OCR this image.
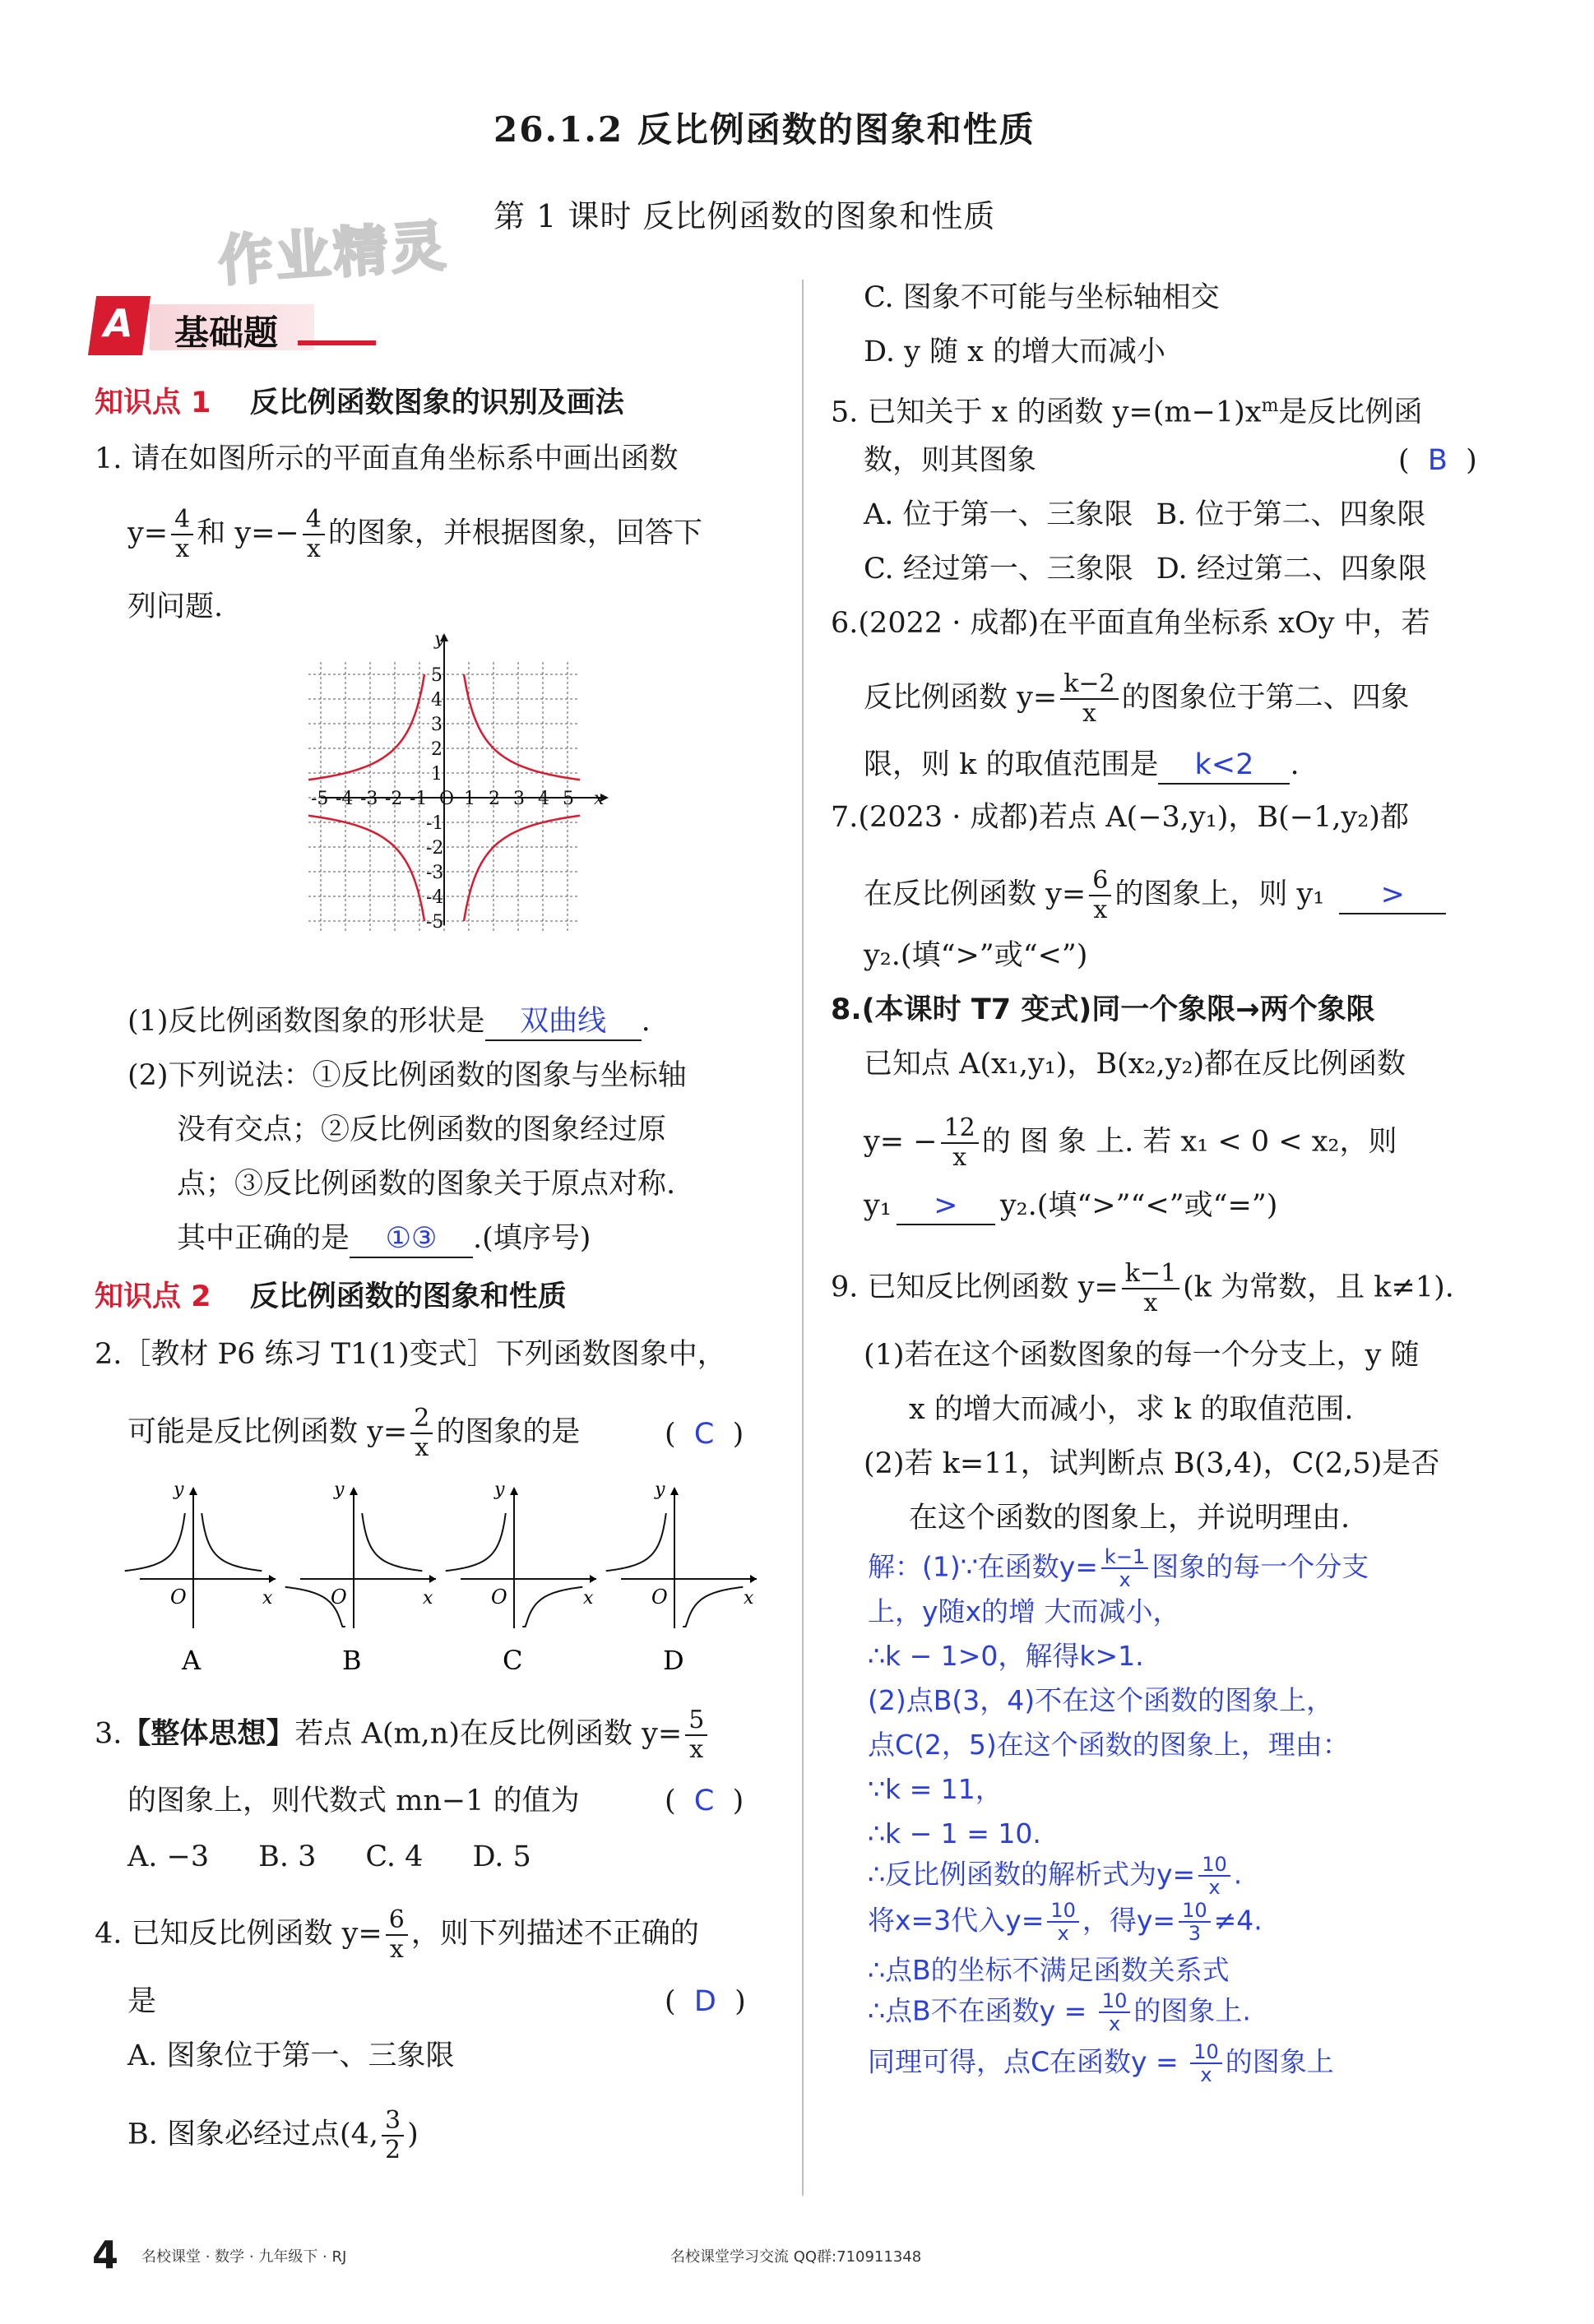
26.1.2 反比例函数的图象和性质
第 1 课时 反比例函数的图象和性质
作业精灵
A 基础题
知识点 1 反比例函数图象的识别及画法
1. 请在如图所示的平面直角坐标系中画出函数
$y= \frac{4}{x}$ 和 $y=- \frac{4}{x}$ 的图象，并根据图象，回答下
列问题.
-5 -4 -3 -2 -1 O 1 2 3 4 5
5
4
3
2
1
-1
-2
-3
-4
-5
x
y
(1)反比例函数图象的形状是 双曲线 .
(2)下列说法：①反比例函数的图象与坐标轴
没有交点；②反比例函数的图象经过原
点；③反比例函数的图象关于原点对称.
其中正确的是 ①③ .(填序号)
知识点 2 反比例函数的图象和性质
2.［教材 P6 练习 T1(1)变式］下列函数图象中，
可能是反比例函数 $y= \frac{2}{x}$ 的图象的是	(  C  )
O	x
y
A
O	x
y
B
O	x
y
C
O	x
y
D
3.【整体思想】若点 A(m,n)在反比例函数 $y= \frac{5}{x}$
的图象上，则代数式 mn−1 的值为	(  C  )
A. −3 B. 3 C. 4 D. 5
4. 已知反比例函数 $y= \frac{6}{x}$ ，则下列描述不正确的
是	(  D  )
A. 图象位于第一、三象限
B. 图象必经过点(4, $\frac{3}{2}$ )
C. 图象不可能与坐标轴相交
D. y 随 x 的增大而减小
5. 已知关于 x 的函数 $y=(m-1)x^m$是反比例函
数，则其图象	(  B  )
A. 位于第一、三象限 B. 位于第二、四象限
C. 经过第一、三象限 D. 经过第二、四象限
6.(2022 · 成都)在平面直角坐标系 xOy 中，若
反比例函数 $y= \frac{k-2}{x}$ 的图象位于第二、四象
限，则 k 的取值范围是 k<2 .
7.(2023 · 成都)若点 A(−3,y₁)，B(−1,y₂)都
在反比例函数 $y= \frac{6}{x}$ 的图象上，则 y₁ >
y₂.(填“>”或“<”)
8.(本课时 T7 变式)同一个象限→两个象限
已知点 A(x₁,y₁)，B(x₂,y₂)都在反比例函数
$y= - \frac{12}{x}$ 的 图 象 上. 若 x₁ < 0 < x₂，则
y₁ > y₂.(填“>”“<”或“=”)
9. 已知反比例函数 $y= \frac{k-1}{x} (k$ 为常数，且 k≠1).
(1)若在这个函数图象的每一个分支上，y 随
x 的增大而减小，求 k 的取值范围.
(2)若 k=11，试判断点 B(3,4)，C(2,5)是否
在这个函数的图象上，并说明理由.
解：(1)∵在函数$y= \frac{k-1}{x}$ 图象的每一个分支
上，y随x的增 大而减小，
∴k − 1>0，解得k>1.
(2)点B(3，4)不在这个函数的图象上，
点C(2，5)在这个函数的图象上，理由：
∵k = 11，
∴k − 1 = 10.
∴反比例函数的解析式为$y= \frac{10}{x}$ .
将x=3代入$y= \frac{10}{x}$ ，得$y= \frac{10}{3} \ne 4$.
∴点B的坐标不满足函数关系式
∴点B不在函数$y = \frac{10}{x}$ 的图象上.
同理可得，点C在函数$y = \frac{10}{x}$ 的图象上
4 名校课堂 · 数学 · 九年级下 · RJ	名校课堂学习交流 QQ群:710911348
